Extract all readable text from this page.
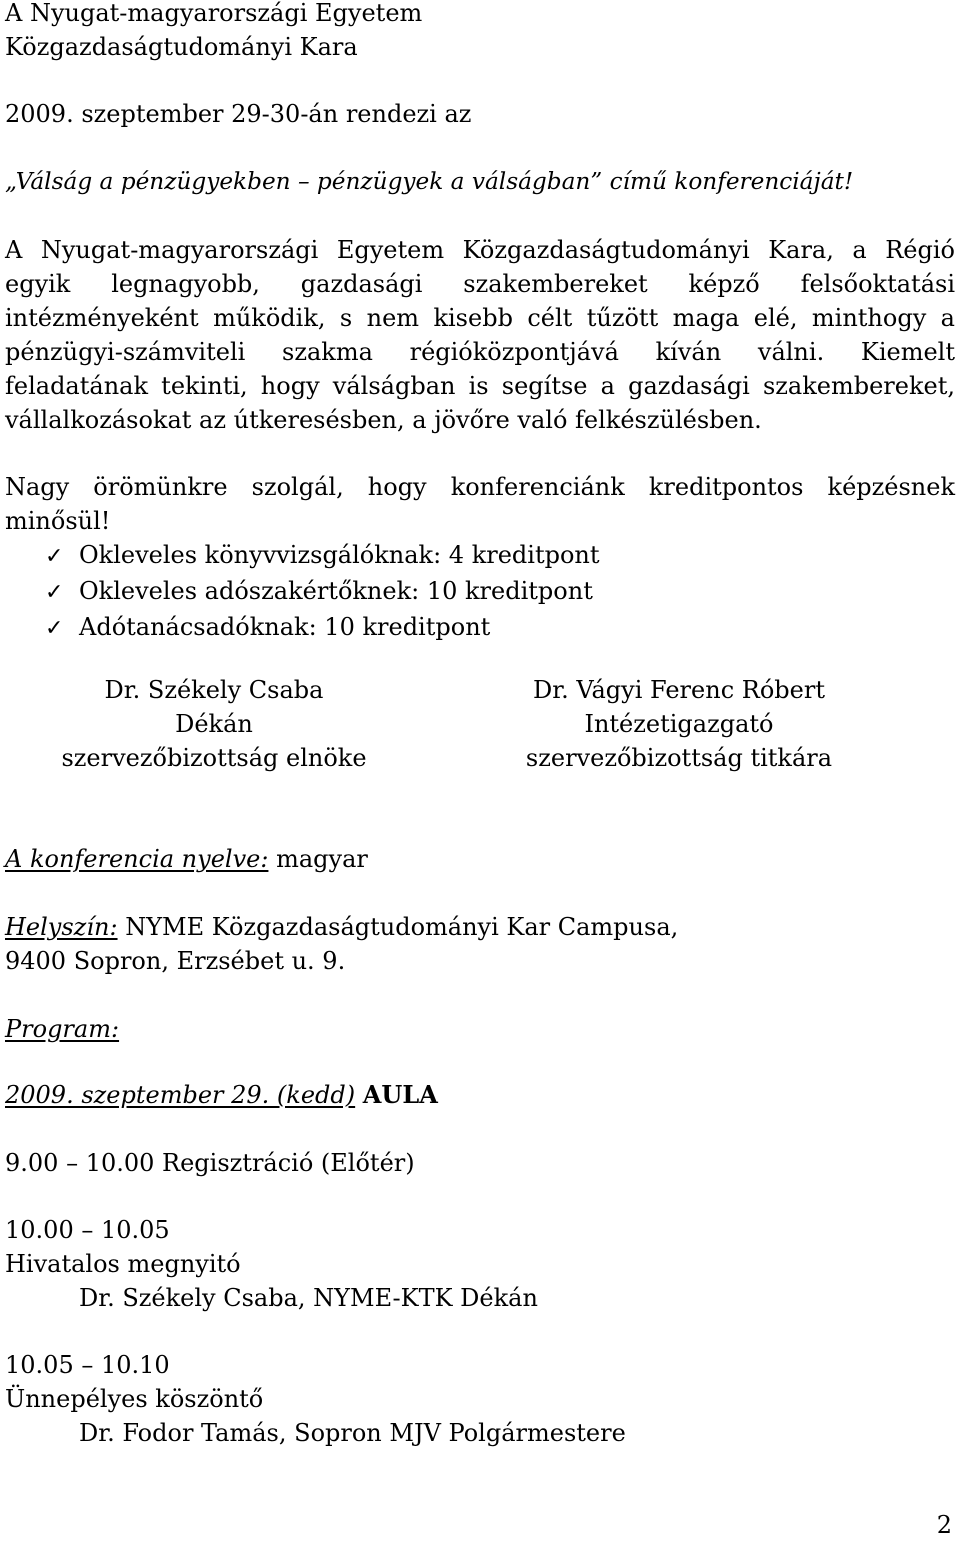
A Nyugat-magyarországi Egyetem
Közgazdaságtudományi Kara
2009. szeptember 29-30-án rendezi az
„Válság a pénzügyekben – pénzügyek a válságban” című konferenciáját!
A Nyugat-magyarországi Egyetem Közgazdaságtudományi Kara, a Régió
egyik legnagyobb, gazdasági szakembereket képző felsőoktatási
intézményeként működik, s nem kisebb célt tűzött maga elé, minthogy a
pénzügyi-számviteli szakma régióközpontjává kíván válni. Kiemelt
feladatának tekinti, hogy válságban is segítse a gazdasági szakembereket,
vállalkozásokat az útkeresésben, a jövőre való felkészülésben.
Nagy örömünkre szolgál, hogy konferenciánk kreditpontos képzésnek
minősül!
✓ Okleveles könyvvizsgálóknak: 4 kreditpont
✓ Okleveles adószakértőknek: 10 kreditpont
✓ Adótanácsadóknak: 10 kreditpont
Dr. Székely Csaba
Dékán
szervezőbizottság elnöke
Dr. Vágyi Ferenc Róbert
Intézetigazgató
szervezőbizottság titkára
A konferencia nyelve: magyar
Helyszín: NYME Közgazdaságtudományi Kar Campusa,
9400 Sopron, Erzsébet u. 9.
Program:
2009. szeptember 29. (kedd) AULA
9.00 – 10.00 Regisztráció (Előtér)
10.00 – 10.05
Hivatalos megnyitó
Dr. Székely Csaba, NYME-KTK Dékán
10.05 – 10.10
Ünnepélyes köszöntő
Dr. Fodor Tamás, Sopron MJV Polgármestere
2
